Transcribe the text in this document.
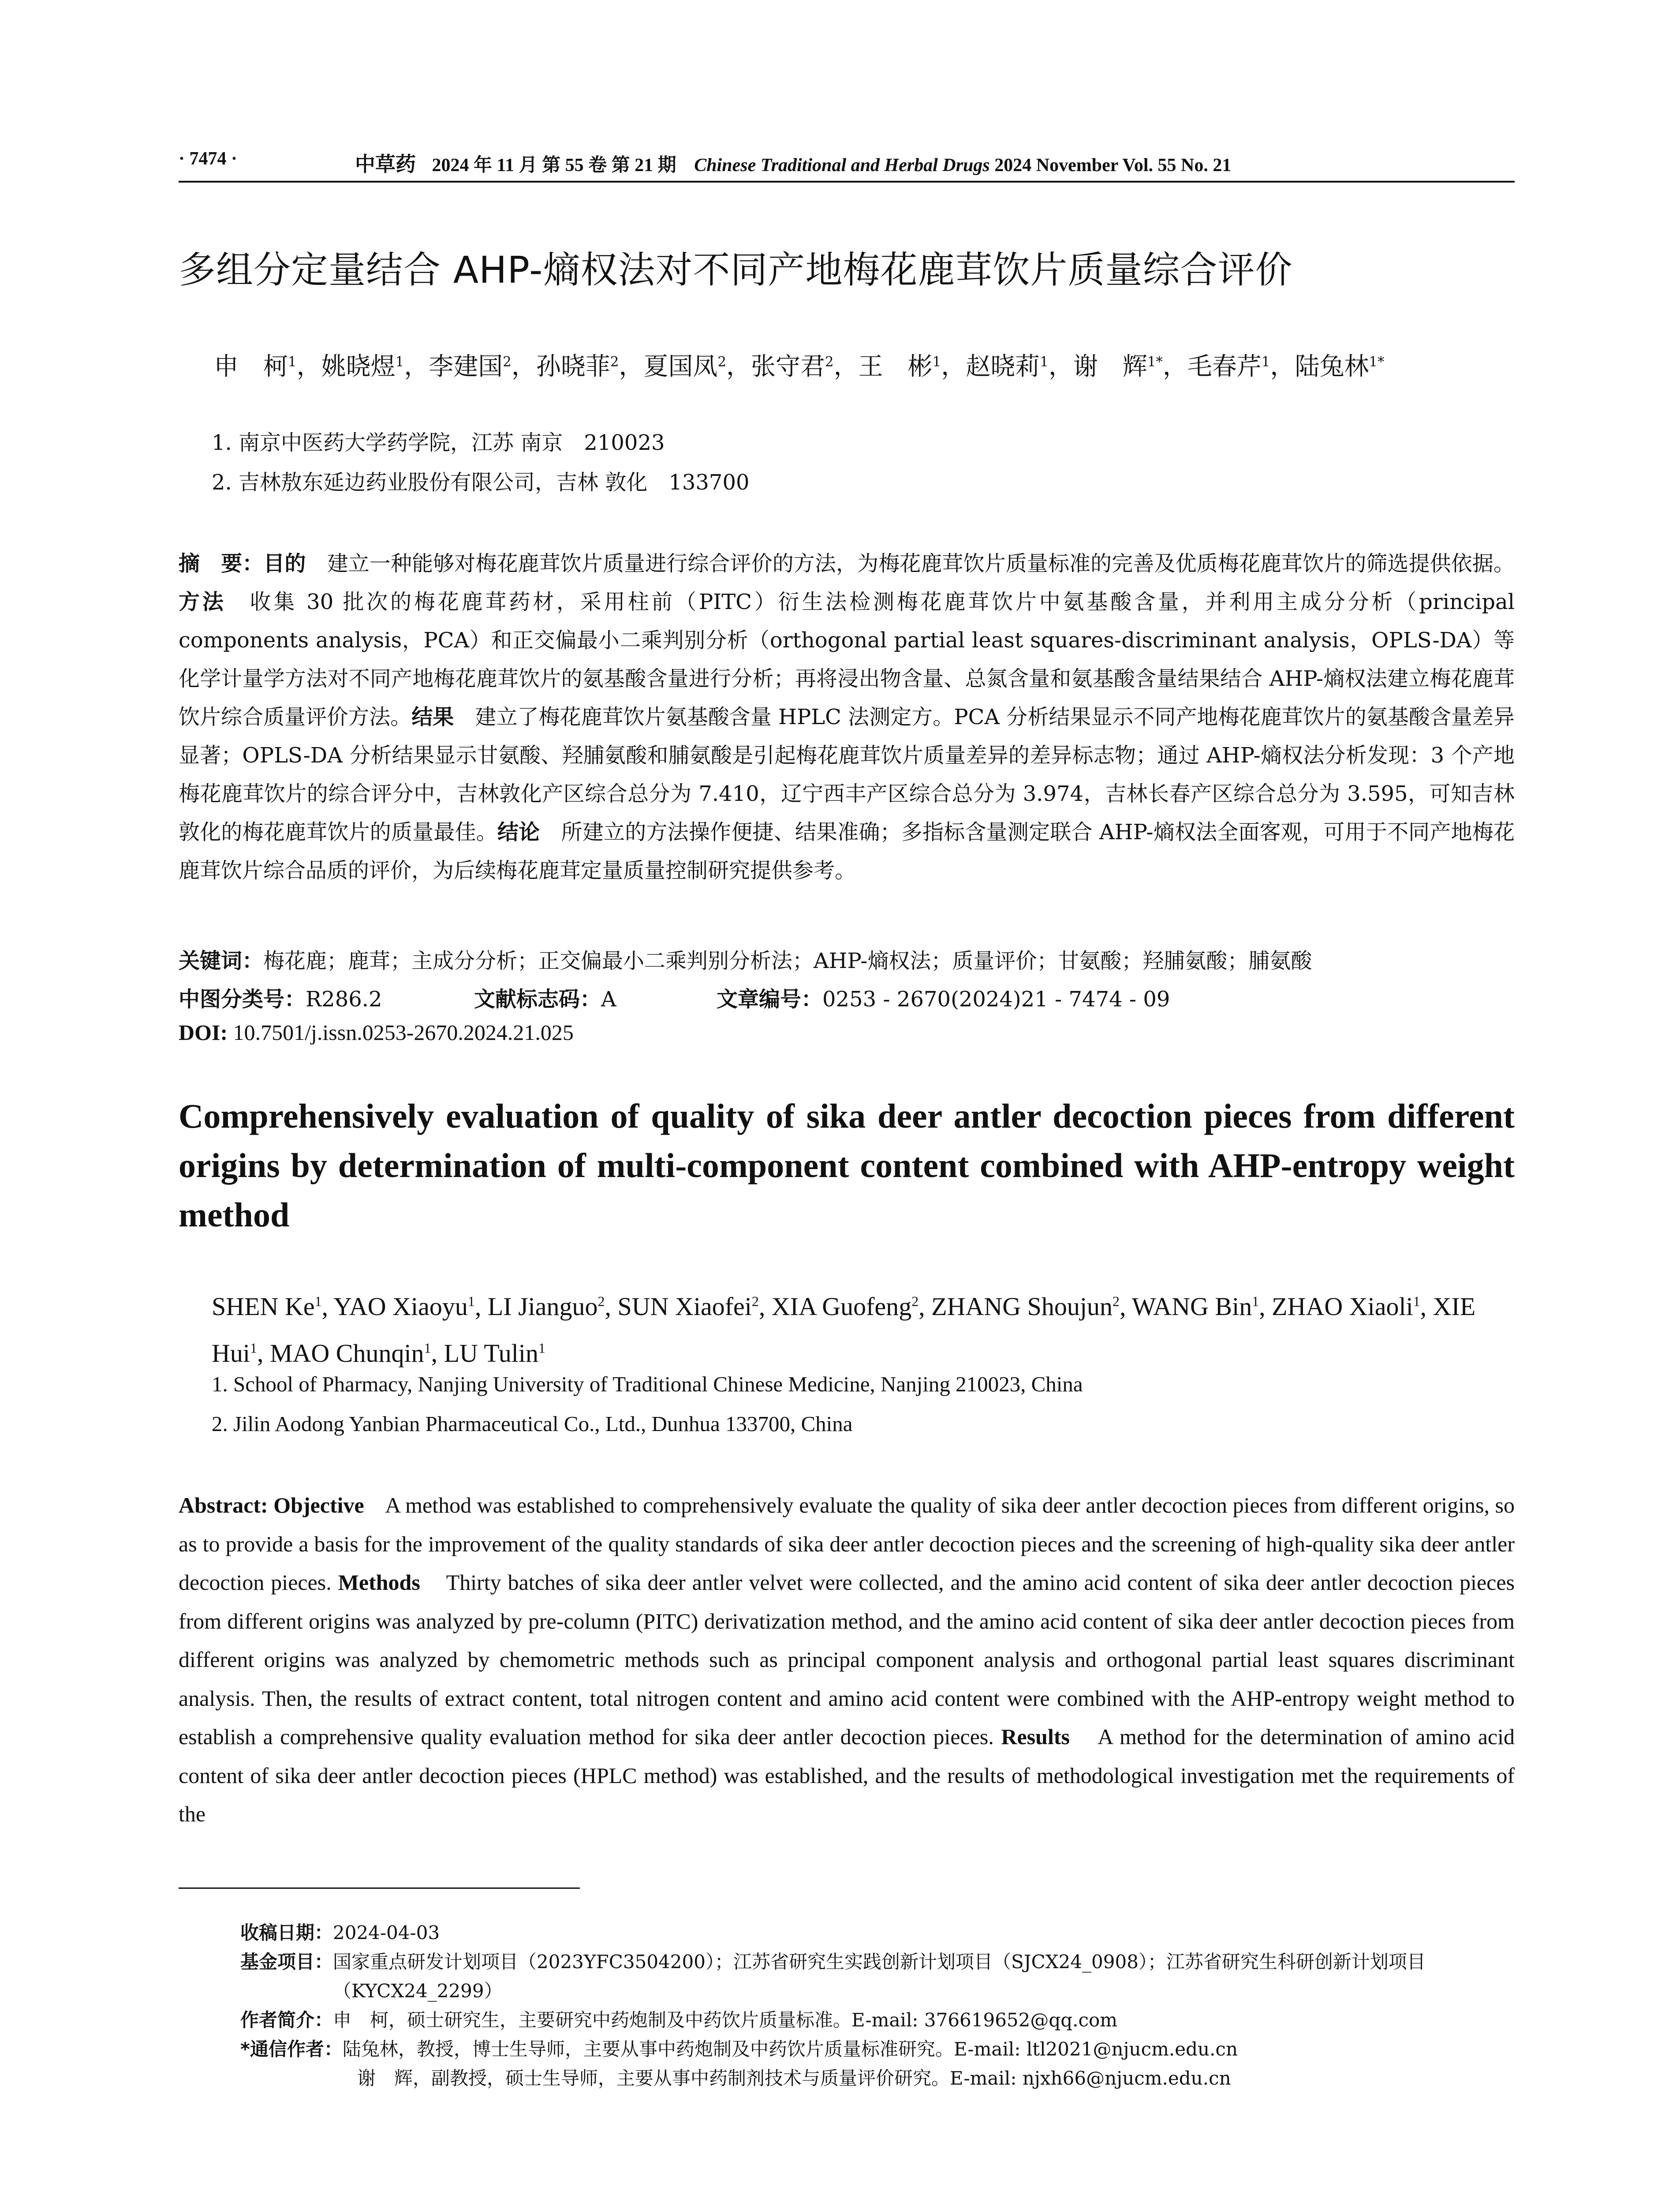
· 7474 ·	中草药 2024 年 11 月 第 55 卷 第 21 期 Chinese Traditional and Herbal Drugs 2024 November Vol. 55 No. 21
多组分定量结合 AHP-熵权法对不同产地梅花鹿茸饮片质量综合评价
申　柯$^1$，姚晓煜$^1$，李建国$^2$，孙晓菲$^2$，夏国凤$^2$，张守君$^2$，王　彬$^1$，赵晓莉$^1$，谢　辉$^{1*}$，毛春芹$^1$，陆兔林$^{1*}$
1. 南京中医药大学药学院，江苏 南京　210023
2. 吉林敖东延边药业股份有限公司，吉林 敦化　133700
摘　要：目的　建立一种能够对梅花鹿茸饮片质量进行综合评价的方法，为梅花鹿茸饮片质量标准的完善及优质梅花鹿茸饮片的筛选提供依据。方法　收集 30 批次的梅花鹿茸药材，采用柱前（PITC）衍生法检测梅花鹿茸饮片中氨基酸含量，并利用主成分分析（principal components analysis，PCA）和正交偏最小二乘判别分析（orthogonal partial least squares-discriminant analysis，OPLS-DA）等化学计量学方法对不同产地梅花鹿茸饮片的氨基酸含量进行分析；再将浸出物含量、总氮含量和氨基酸含量结果结合 AHP-熵权法建立梅花鹿茸饮片综合质量评价方法。结果　建立了梅花鹿茸饮片氨基酸含量 HPLC 法测定方。PCA 分析结果显示不同产地梅花鹿茸饮片的氨基酸含量差异显著；OPLS-DA 分析结果显示甘氨酸、羟脯氨酸和脯氨酸是引起梅花鹿茸饮片质量差异的差异标志物；通过 AHP-熵权法分析发现：3 个产地梅花鹿茸饮片的综合评分中，吉林敦化产区综合总分为 7.410，辽宁西丰产区综合总分为 3.974，吉林长春产区综合总分为 3.595，可知吉林敦化的梅花鹿茸饮片的质量最佳。结论　所建立的方法操作便捷、结果准确；多指标含量测定联合 AHP-熵权法全面客观，可用于不同产地梅花鹿茸饮片综合品质的评价，为后续梅花鹿茸定量质量控制研究提供参考。
关键词：梅花鹿；鹿茸；主成分分析；正交偏最小二乘判别分析法；AHP-熵权法；质量评价；甘氨酸；羟脯氨酸；脯氨酸
中图分类号：R286.2	文献标志码：A	文章编号：0253 - 2670(2024)21 - 7474 - 09
DOI: 10.7501/j.issn.0253-2670.2024.21.025
Comprehensively evaluation of quality of sika deer antler decoction pieces from different origins by determination of multi-component content combined with AHP-entropy weight method
SHEN Ke$^1$, YAO Xiaoyu$^1$, LI Jianguo$^2$, SUN Xiaofei$^2$, XIA Guofeng$^2$, ZHANG Shoujun$^2$, WANG Bin$^1$, ZHAO Xiaoli$^1$, XIE Hui$^1$, MAO Chunqin$^1$, LU Tulin$^1$
1. School of Pharmacy, Nanjing University of Traditional Chinese Medicine, Nanjing 210023, China
2. Jilin Aodong Yanbian Pharmaceutical Co., Ltd., Dunhua 133700, China
Abstract: Objective    A method was established to comprehensively evaluate the quality of sika deer antler decoction pieces from different origins, so as to provide a basis for the improvement of the quality standards of sika deer antler decoction pieces and the screening of high-quality sika deer antler decoction pieces. Methods    Thirty batches of sika deer antler velvet were collected, and the amino acid content of sika deer antler decoction pieces from different origins was analyzed by pre-column (PITC) derivatization method, and the amino acid content of sika deer antler decoction pieces from different origins was analyzed by chemometric methods such as principal component analysis and orthogonal partial least squares discriminant analysis. Then, the results of extract content, total nitrogen content and amino acid content were combined with the AHP-entropy weight method to establish a comprehensive quality evaluation method for sika deer antler decoction pieces. Results    A method for the determination of amino acid content of sika deer antler decoction pieces (HPLC method) was established, and the results of methodological investigation met the requirements of the
收稿日期： 2024-04-03
基金项目： 国家重点研发计划项目（2023YFC3504200）；江苏省研究生实践创新计划项目（SJCX24_0908）；江苏省研究生科研创新计划项目（KYCX24_2299）
作者简介： 申　柯，硕士研究生，主要研究中药炮制及中药饮片质量标准。E-mail: 376619652@qq.com
*通信作者： 陆兔林，教授，博士生导师，主要从事中药炮制及中药饮片质量标准研究。E-mail: ltl2021@njucm.edu.cn
谢　辉，副教授，硕士生导师，主要从事中药制剂技术与质量评价研究。E-mail: njxh66@njucm.edu.cn
